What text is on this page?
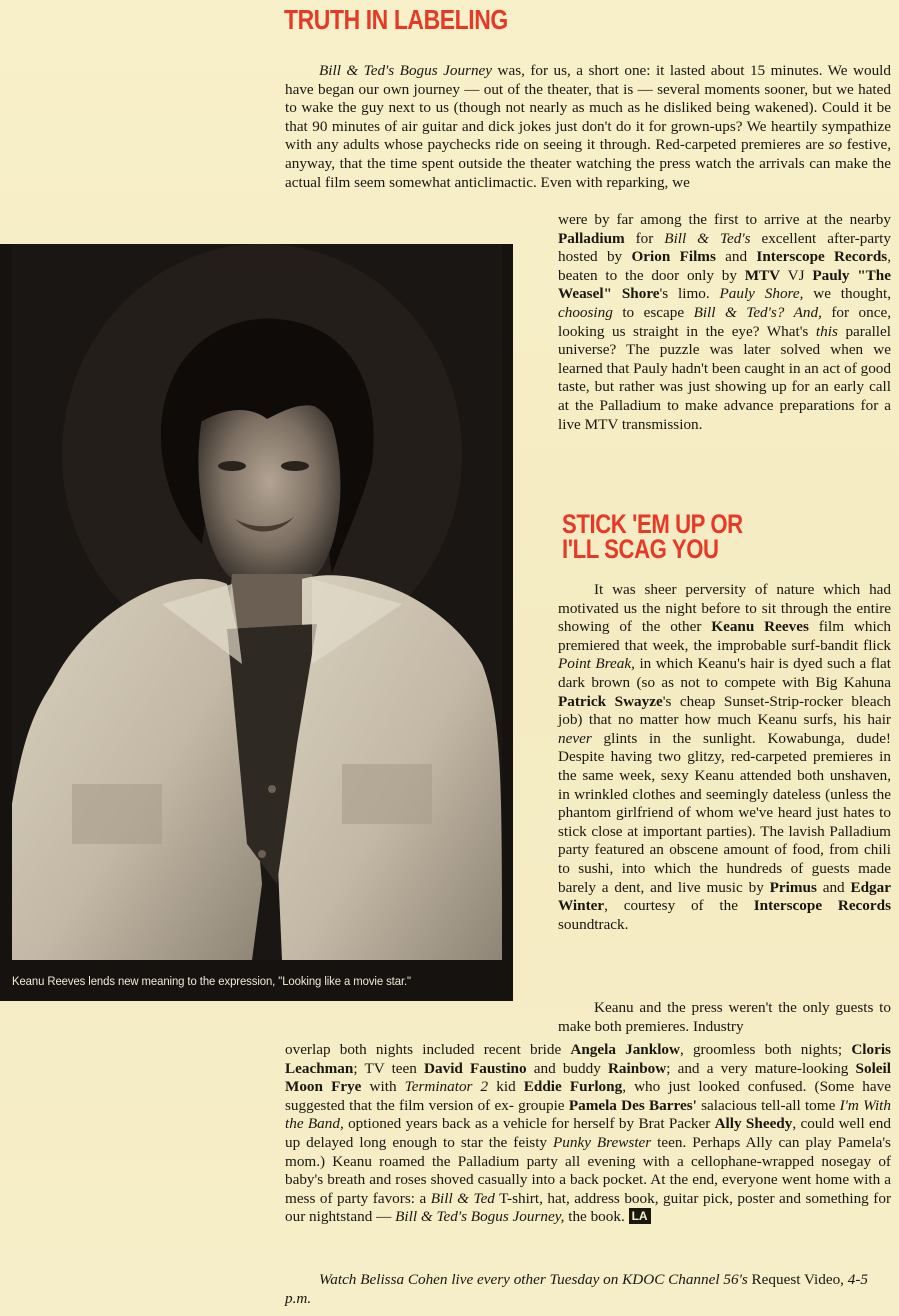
TRUTH IN LABELING
Bill & Ted's Bogus Journey was, for us, a short one: it lasted about 15 minutes. We would have began our own journey — out of the theater, that is — several moments sooner, but we hated to wake the guy next to us (though not nearly as much as he disliked being wakened). Could it be that 90 minutes of air guitar and dick jokes just don't do it for grown-ups? We heartily sympathize with any adults whose paychecks ride on seeing it through. Red-carpeted premieres are so festive, anyway, that the time spent outside the theater watching the press watch the arrivals can make the actual film seem somewhat anticlimactic. Even with reparking, we
were by far among the first to arrive at the nearby Palladium for Bill & Ted's excellent after-party hosted by Orion Films and Interscope Records, beaten to the door only by MTV VJ Pauly "The Weasel" Shore's limo. Pauly Shore, we thought, choosing to escape Bill & Ted's? And, for once, looking us straight in the eye? What's this parallel universe? The puzzle was later solved when we learned that Pauly hadn't been caught in an act of good taste, but rather was just showing up for an early call at the Palladium to make advance preparations for a live MTV transmission.
Keanu Reeves lends new meaning to the expression, "Looking like a movie star."
STICK 'EM UP OR I'LL SCAG YOU
It was sheer perversity of nature which had motivated us the night before to sit through the entire showing of the other Keanu Reeves film which premiered that week, the improbable surf-bandit flick Point Break, in which Keanu's hair is dyed such a flat dark brown (so as not to compete with Big Kahuna Patrick Swayze's cheap Sunset-Strip-rocker bleach job) that no matter how much Keanu surfs, his hair never glints in the sunlight. Kowabunga, dude! Despite having two glitzy, red-carpeted premieres in the same week, sexy Keanu attended both unshaven, in wrinkled clothes and seemingly dateless (unless the phantom girlfriend of whom we've heard just hates to stick close at important parties). The lavish Palladium party featured an obscene amount of food, from chili to sushi, into which the hundreds of guests made barely a dent, and live music by Primus and Edgar Winter, courtesy of the Interscope Records soundtrack.
Keanu and the press weren't the only guests to make both premieres. Industry
overlap both nights included recent bride Angela Janklow, groomless both nights; Cloris Leachman; TV teen David Faustino and buddy Rainbow; and a very mature-looking Soleil Moon Frye with Terminator 2 kid Eddie Furlong, who just looked confused. (Some have suggested that the film version of ex- groupie Pamela Des Barres' salacious tell-all tome I'm With the Band, optioned years back as a vehicle for herself by Brat Packer Ally Sheedy, could well end up delayed long enough to star the feisty Punky Brewster teen. Perhaps Ally can play Pamela's mom.) Keanu roamed the Palladium party all evening with a cellophane-wrapped nosegay of baby's breath and roses shoved casually into a back pocket. At the end, everyone went home with a mess of party favors: a Bill & Ted T-shirt, hat, address book, guitar pick, poster and something for our nightstand — Bill & Ted's Bogus Journey, the book. LA
Watch Belissa Cohen live every other Tuesday on KDOC Channel 56's Request Video, 4-5 p.m.
